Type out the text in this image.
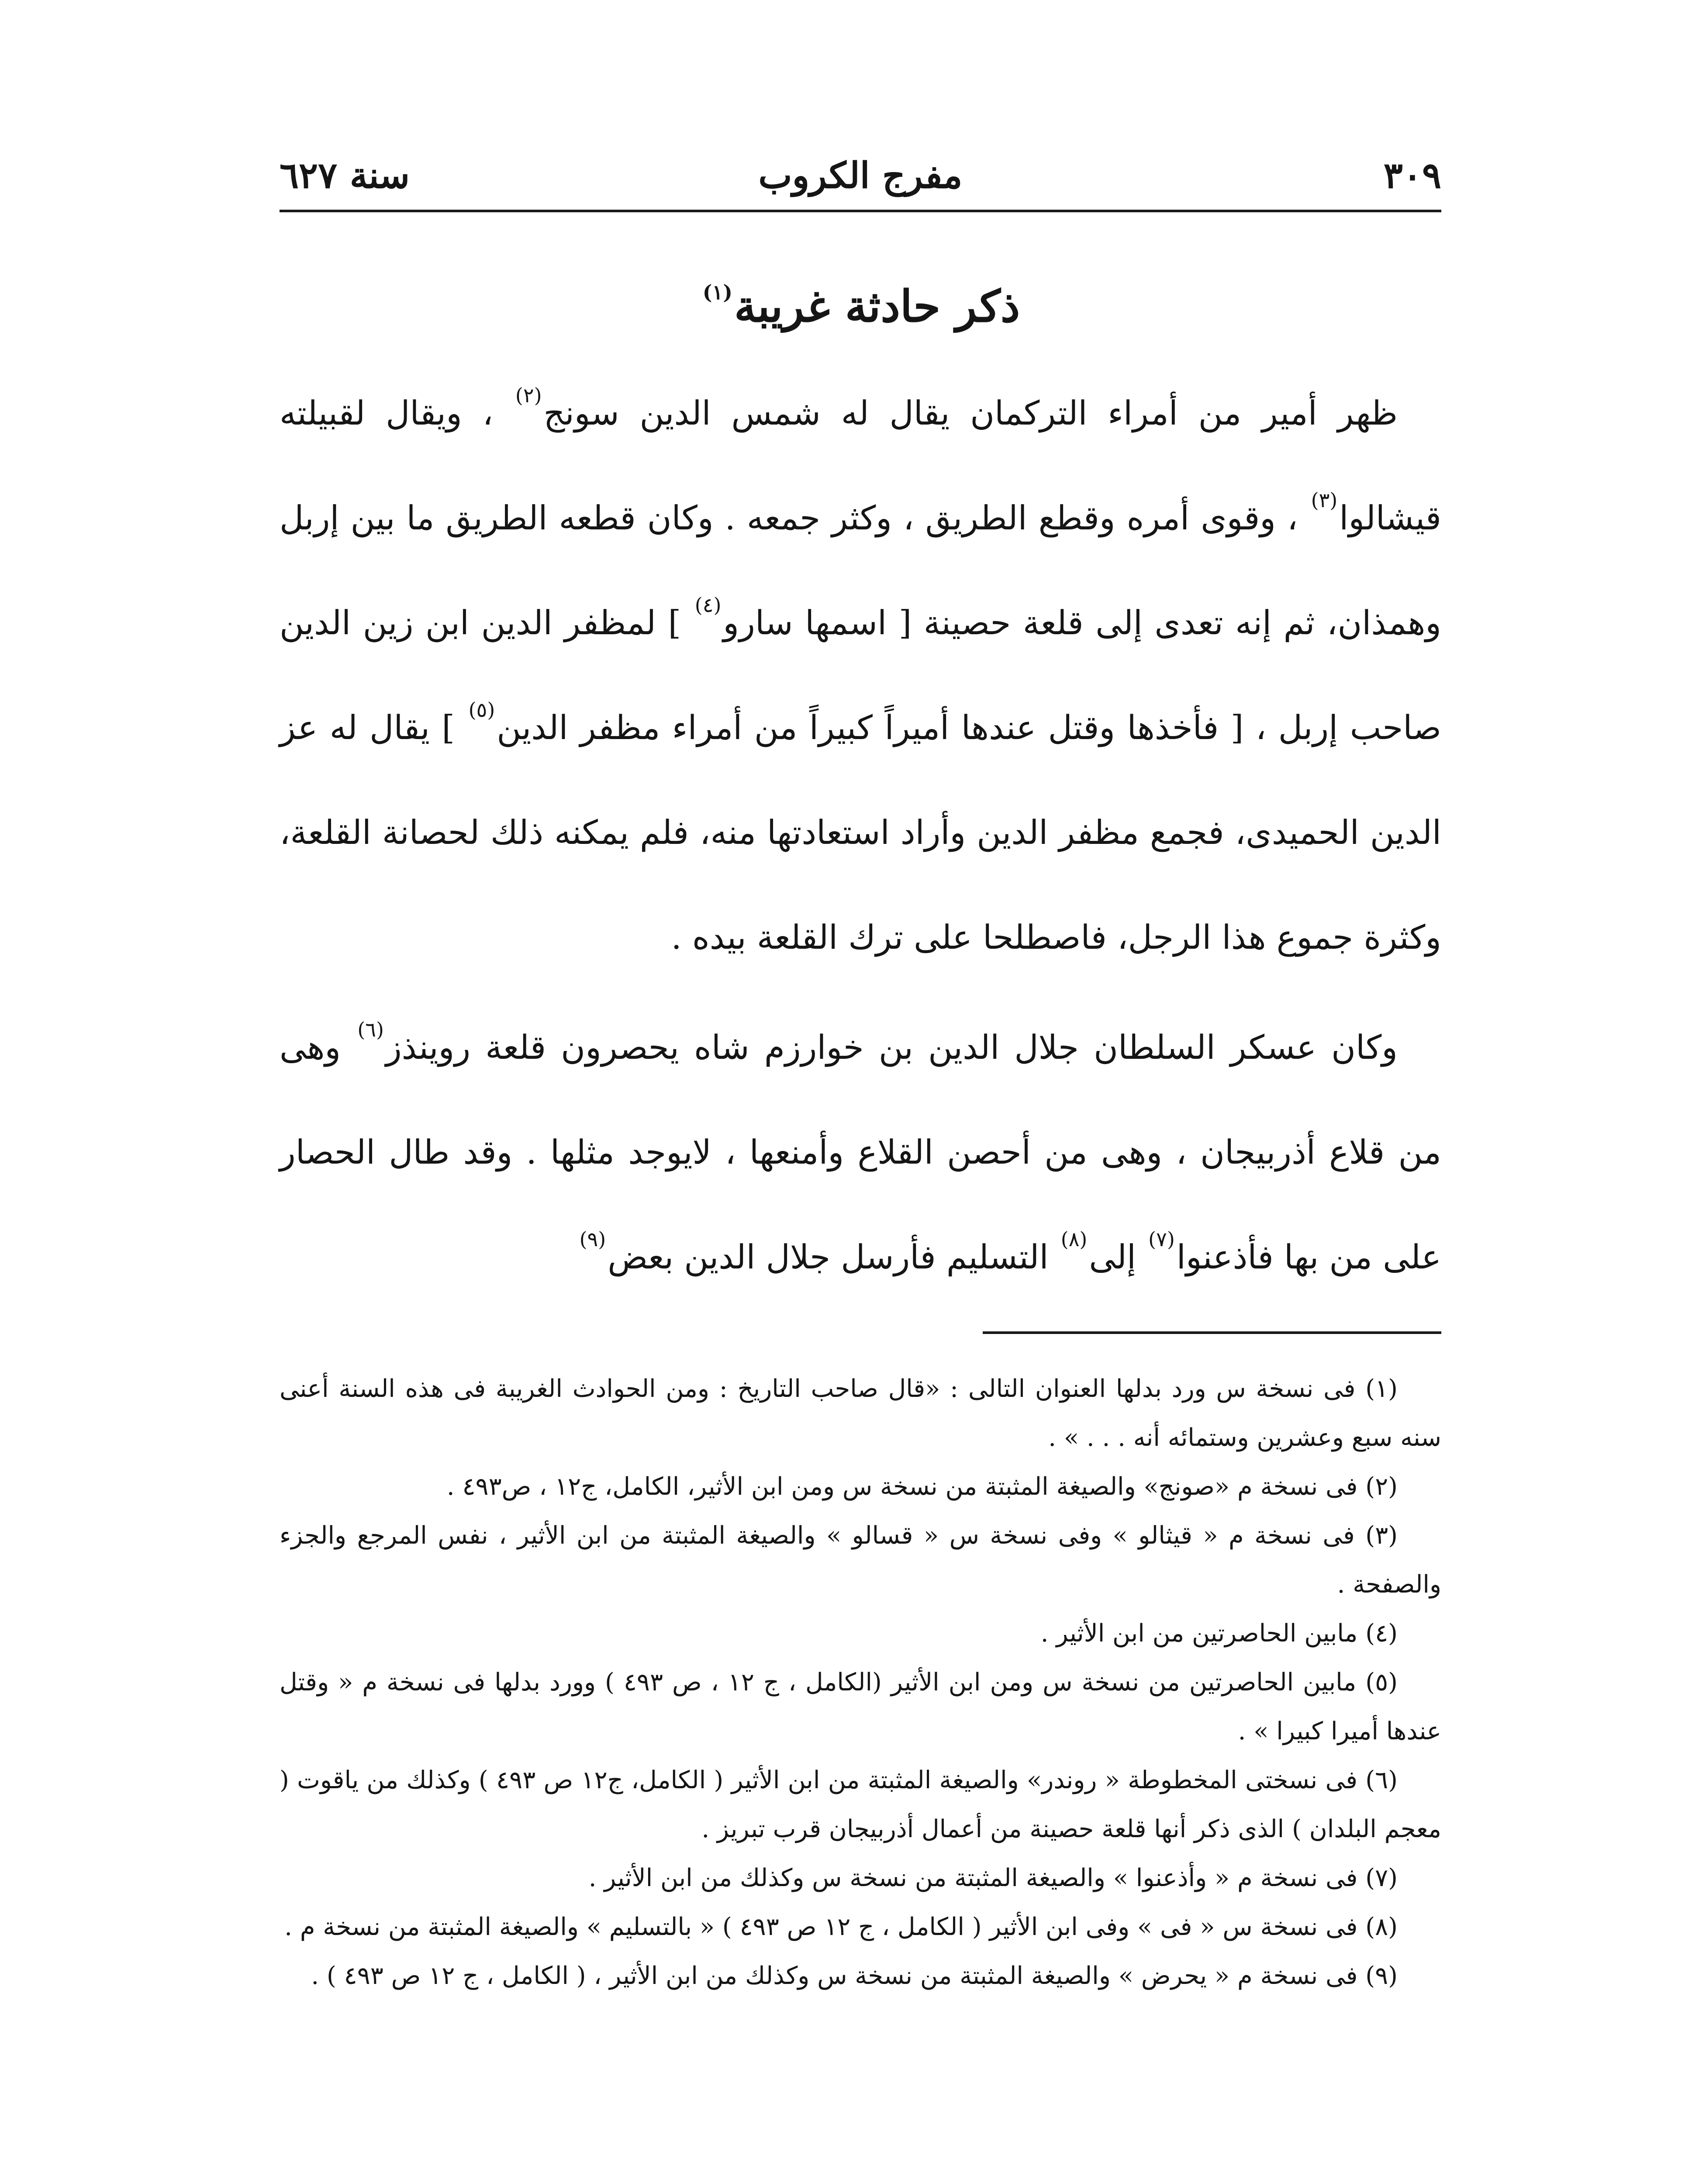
٣٠٩
مفرج الكروب
سنة ٦٢٧
ذكر حادثة غريبة$^{(١)}$

ظهر أمير من أمراء التركمان يقال له شمس الدين سونج$^{(٢)}$ ، ويقال لقبيلته قيشالوا$^{(٣)}$ ، وقوى أمره وقطع الطريق ، وكثر جمعه . وكان قطعه الطريق ما بين إربل وهمذان، ثم إنه تعدى إلى قلعة حصينة [ اسمها سارو$^{(٤)}$ ] لمظفر الدين ابن زين الدين صاحب إربل ، [ فأخذها وقتل عندها أميراً كبيراً من أمراء مظفر الدين$^{(٥)}$ ] يقال له عز الدين الحميدى، فجمع مظفر الدين وأراد استعادتها منه، فلم يمكنه ذلك لحصانة القلعة، وكثرة جموع هذا الرجل، فاصطلحا على ترك القلعة بيده .

وكان عسكر السلطان جلال الدين بن خوارزم شاه يحصرون قلعة روينذز$^{(٦)}$ وهى من قلاع أذربيجان ، وهى من أحصن القلاع وأمنعها ، لايوجد مثلها . وقد طال الحصار على من بها فأذعنوا$^{(٧)}$ إلى$^{(٨)}$ التسليم فأرسل جلال الدين بعض$^{(٩)}$

(١) فى نسخة س ورد بدلها العنوان التالى : «قال صاحب التاريخ : ومن الحوادث الغريبة فى هذه السنة أعنى سنه سبع وعشرين وستمائه أنه . . . » .

(٢) فى نسخة م «صونج» والصيغة المثبتة من نسخة س ومن ابن الأثير، الكامل، ج١٢ ، ص٤٩٣ .

(٣) فى نسخة م « قيثالو » وفى نسخة س « قسالو » والصيغة المثبتة من ابن الأثير ، نفس المرجع والجزء والصفحة .

(٤) مابين الحاصرتين من ابن الأثير .

(٥) مابين الحاصرتين من نسخة س ومن ابن الأثير (الكامل ، ج ١٢ ، ص ٤٩٣ ) وورد بدلها فى نسخة م « وقتل عندها أميرا كبيرا » .

(٦) فى نسختى المخطوطة « روندر» والصيغة المثبتة من ابن الأثير ( الكامل، ج١٢ ص ٤٩٣ ) وكذلك من ياقوت ( معجم البلدان ) الذى ذكر أنها قلعة حصينة من أعمال أذربيجان قرب تبريز .

(٧) فى نسخة م « وأذعنوا » والصيغة المثبتة من نسخة س وكذلك من ابن الأثير .

(٨) فى نسخة س « فى » وفى ابن الأثير ( الكامل ، ج ١٢ ص ٤٩٣ ) « بالتسليم » والصيغة المثبتة من نسخة م .

(٩) فى نسخة م « يحرض » والصيغة المثبتة من نسخة س وكذلك من ابن الأثير ، ( الكامل ، ج ١٢ ص ٤٩٣ ) .
